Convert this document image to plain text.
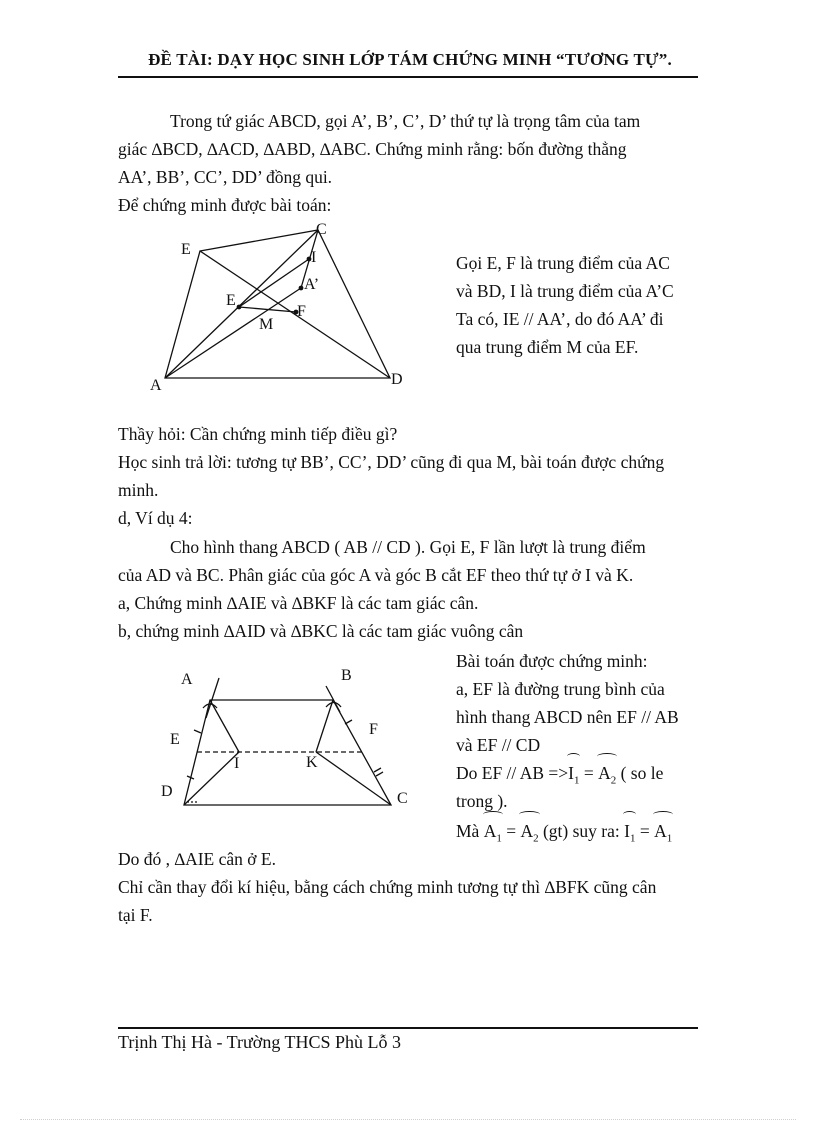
ĐỀ TÀI: DẠY HỌC SINH LỚP TÁM CHỨNG MINH “TƯƠNG TỰ”.
Trong tứ giác ABCD, gọi A’, B’, C’, D’ thứ tự là trọng tâm của tam
giác ∆BCD, ∆ACD, ∆ABD, ∆ABC. Chứng minh rằng: bốn đường thẳng
AA’, BB’, CC’, DD’ đồng qui.
Để chứng minh được bài toán:
E
C
I
A’
E
M
F
A	D
Gọi E, F là trung điểm của AC
và BD, I là trung điểm của A’C
Ta có, IE // AA’, do đó AA’ đi
qua trung điểm M của EF.
Thầy hỏi: Cần chứng minh tiếp điều gì?
Học sinh trả lời: tương tự BB’, CC’, DD’ cũng đi qua M, bài toán được chứng
minh.
d, Ví dụ 4:
Cho hình thang ABCD ( AB // CD ). Gọi E, F lần lượt là trung điểm
của AD và BC. Phân giác của góc A và góc B cắt EF theo thứ tự ở I và K.
a, Chứng minh ∆AIE và ∆BKF là các tam giác cân.
b, chứng minh ∆AID và ∆BKC là các tam giác vuông cân
A	B
E
F
I	K
D	C
Bài toán được chứng minh:
a, EF là đường trung bình của
hình thang ABCD nên EF // AB
và EF // CD
Do EF // AB $=>I_1 = A_2$ ( so le
trong ).
Mà $A_1 = A_2$ (gt) suy ra: $I_1 = A_1$
Do đó , ∆AIE cân ở E.
Chỉ cần thay đổi kí hiệu, bằng cách chứng minh tương tự thì ∆BFK cũng cân
tại F.
Trịnh Thị Hà - Trường THCS Phù Lỗ 3
